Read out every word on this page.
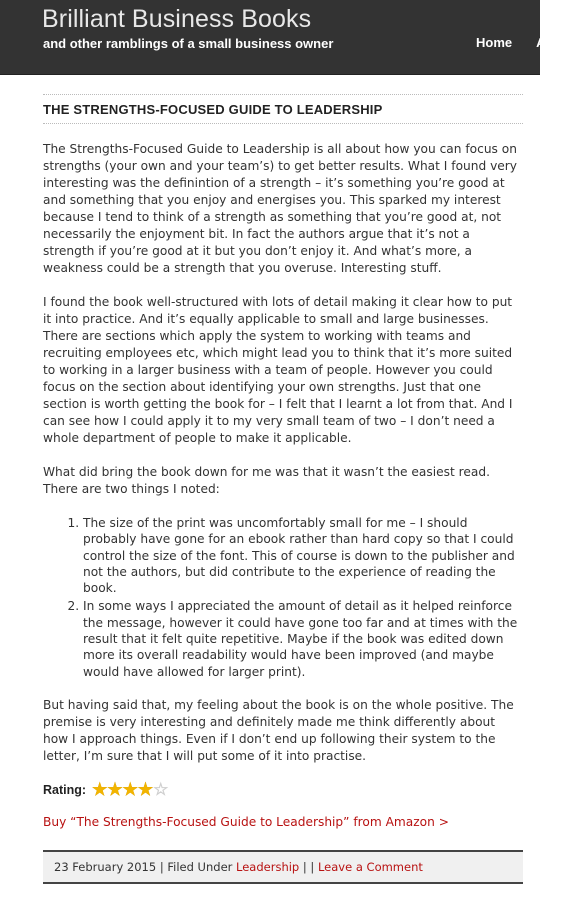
Brilliant Business Books
and other ramblings of a small business owner	Home A
THE STRENGTHS-FOCUSED GUIDE TO LEADERSHIP

The Strengths-Focused Guide to Leadership is all about how you can focus on strengths (your own and your team’s) to get better results. What I found very interesting was the definintion of a strength – it’s something you’re good at and something that you enjoy and energises you. This sparked my interest because I tend to think of a strength as something that you’re good at, not necessarily the enjoyment bit. In fact the authors argue that it’s not a strength if you’re good at it but you don’t enjoy it. And what’s more, a weakness could be a strength that you overuse. Interesting stuff.

I found the book well-structured with lots of detail making it clear how to put it into practice. And it’s equally applicable to small and large businesses. There are sections which apply the system to working with teams and recruiting employees etc, which might lead you to think that it’s more suited to working in a larger business with a team of people. However you could focus on the section about identifying your own strengths. Just that one section is worth getting the book for – I felt that I learnt a lot from that. And I can see how I could apply it to my very small team of two – I don’t need a whole department of people to make it applicable.

What did bring the book down for me was that it wasn’t the easiest read. There are two things I noted:

1. The size of the print was uncomfortably small for me – I should probably have gone for an ebook rather than hard copy so that I could control the size of the font. This of course is down to the publisher and not the authors, but did contribute to the experience of reading the book.
2. In some ways I appreciated the amount of detail as it helped reinforce the message, however it could have gone too far and at times with the result that it felt quite repetitive. Maybe if the book was edited down more its overall readability would have been improved (and maybe would have allowed for larger print).

But having said that, my feeling about the book is on the whole positive. The premise is very interesting and definitely made me think differently about how I approach things. Even if I don’t end up following their system to the letter, I’m sure that I will put some of it into practise.

Rating: ★★★★☆
Buy “The Strengths-Focused Guide to Leadership” from Amazon >
23 February 2015 | Filed Under Leadership | | Leave a Comment
